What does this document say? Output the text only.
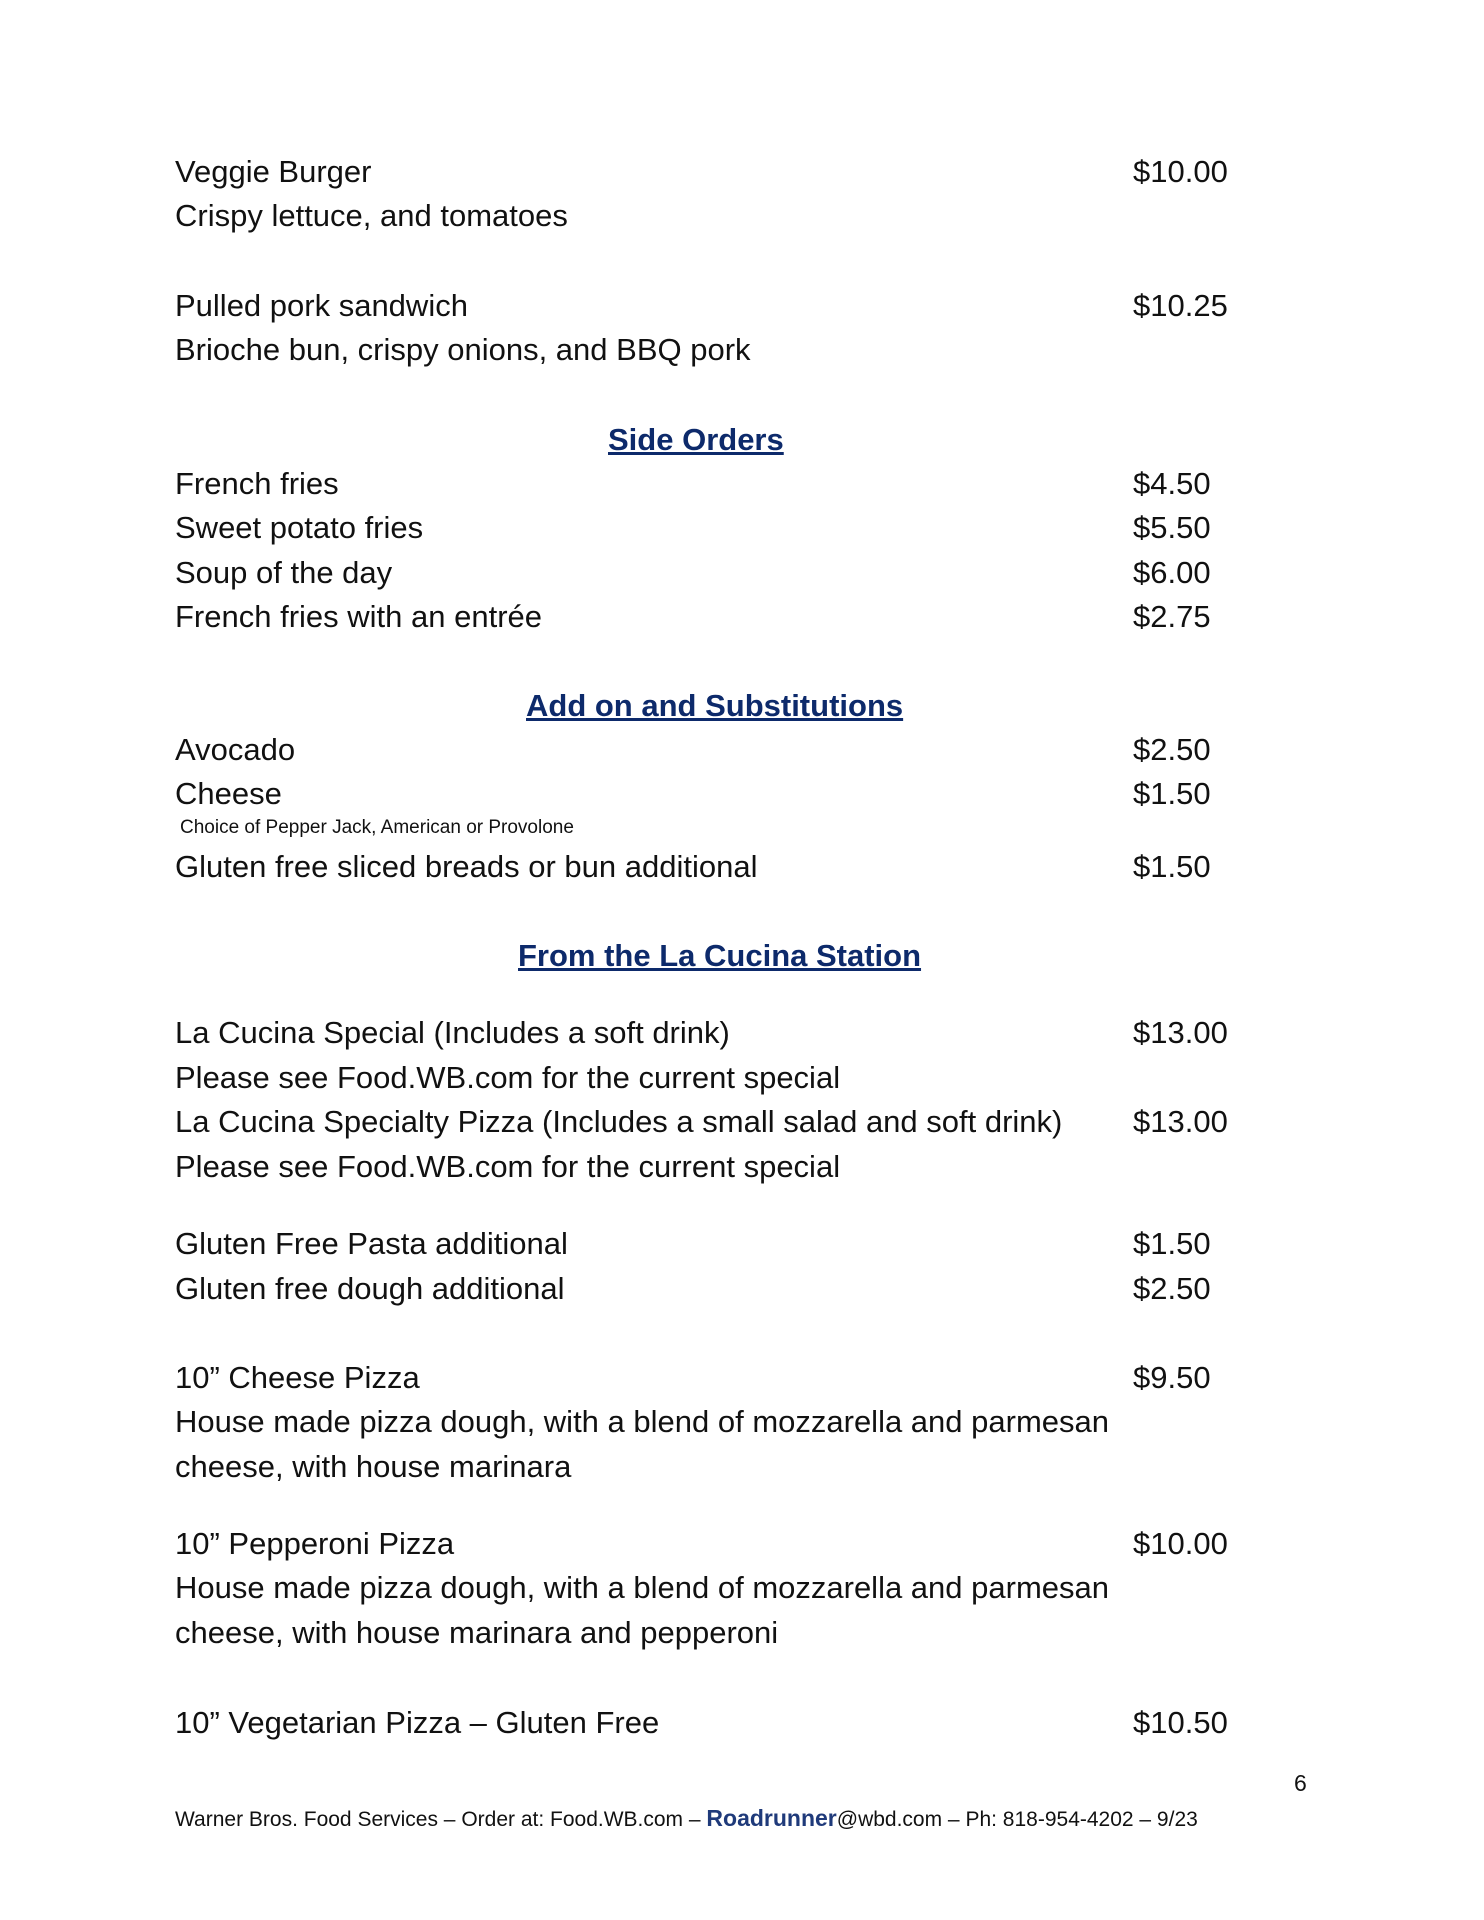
Veggie Burger	$10.00
Crispy lettuce, and tomatoes
Pulled pork sandwich	$10.25
Brioche bun, crispy onions, and BBQ pork
Side Orders
French fries	$4.50
Sweet potato fries	$5.50
Soup of the day	$6.00
French fries with an entrée	$2.75
Add on and Substitutions
Avocado	$2.50
Cheese	$1.50
Choice of Pepper Jack, American or Provolone
Gluten free sliced breads or bun additional	$1.50
From the La Cucina Station
La Cucina Special (Includes a soft drink)	$13.00
Please see Food.WB.com for the current special
La Cucina Specialty Pizza (Includes a small salad and soft drink) $13.00
Please see Food.WB.com for the current special
Gluten Free Pasta additional	$1.50
Gluten free dough additional	$2.50
10” Cheese Pizza	$9.50
House made pizza dough, with a blend of mozzarella and parmesan
cheese, with house marinara
10” Pepperoni Pizza	$10.00
House made pizza dough, with a blend of mozzarella and parmesan
cheese, with house marinara and pepperoni
10” Vegetarian Pizza – Gluten Free	$10.50
6
Warner Bros. Food Services – Order at: Food.WB.com – Roadrunner@wbd.com – Ph: 818-954-4202 – 9/23
